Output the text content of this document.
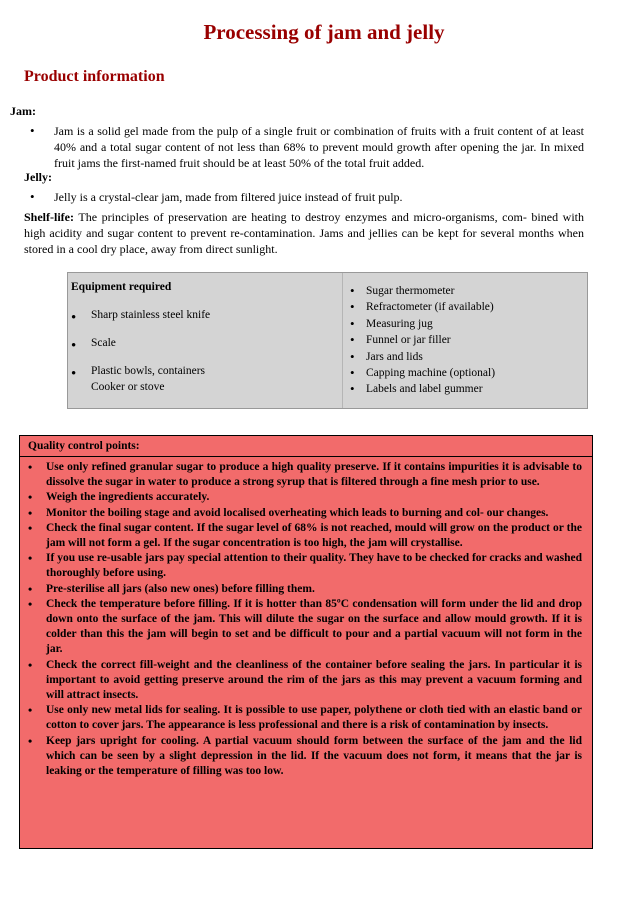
Processing of jam and jelly
Product information
Jam:
• Jam is a solid gel made from the pulp of a single fruit or combination of fruits with a fruit content of at least 40% and a total sugar content of not less than 68% to prevent mould growth after opening the jar. In mixed fruit jams the first-named fruit should be at least 50% of the total fruit added.
Jelly:
• Jelly is a crystal-clear jam, made from filtered juice instead of fruit pulp.
Shelf-life: The principles of preservation are heating to destroy enzymes and micro-organisms, com- bined with high acidity and sugar content to prevent re-contamination. Jams and jellies can be kept for several months when stored in a cool dry place, away from direct sunlight.
Equipment required
• Sharp stainless steel knife
• Scale
• Plastic bowls, containers
Cooker or stove
• Sugar thermometer
• Refractometer (if available)
• Measuring jug
• Funnel or jar filler
• Jars and lids
• Capping machine (optional)
• Labels and label gummer
Quality control points:
• Use only refined granular sugar to produce a high quality preserve. If it contains impurities it is advisable to dissolve the sugar in water to produce a strong syrup that is filtered through a fine mesh prior to use.
• Weigh the ingredients accurately.
• Monitor the boiling stage and avoid localised overheating which leads to burning and col- our changes.
• Check the final sugar content. If the sugar level of 68% is not reached, mould will grow on the product or the jam will not form a gel. If the sugar concentration is too high, the jam will crystallise.
• If you use re-usable jars pay special attention to their quality. They have to be checked for cracks and washed thoroughly before using.
• Pre-sterilise all jars (also new ones) before filling them.
• Check the temperature before filling. If it is hotter than 85ºC condensation will form under the lid and drop down onto the surface of the jam. This will dilute the sugar on the surface and allow mould growth. If it is colder than this the jam will begin to set and be difficult to pour and a partial vacuum will not form in the jar.
• Check the correct fill-weight and the cleanliness of the container before sealing the jars. In particular it is important to avoid getting preserve around the rim of the jars as this may prevent a vacuum forming and will attract insects.
• Use only new metal lids for sealing. It is possible to use paper, polythene or cloth tied with an elastic band or cotton to cover jars. The appearance is less professional and there is a risk of contamination by insects.
• Keep jars upright for cooling. A partial vacuum should form between the surface of the jam and the lid which can be seen by a slight depression in the lid. If the vacuum does not form, it means that the jar is leaking or the temperature of filling was too low.
